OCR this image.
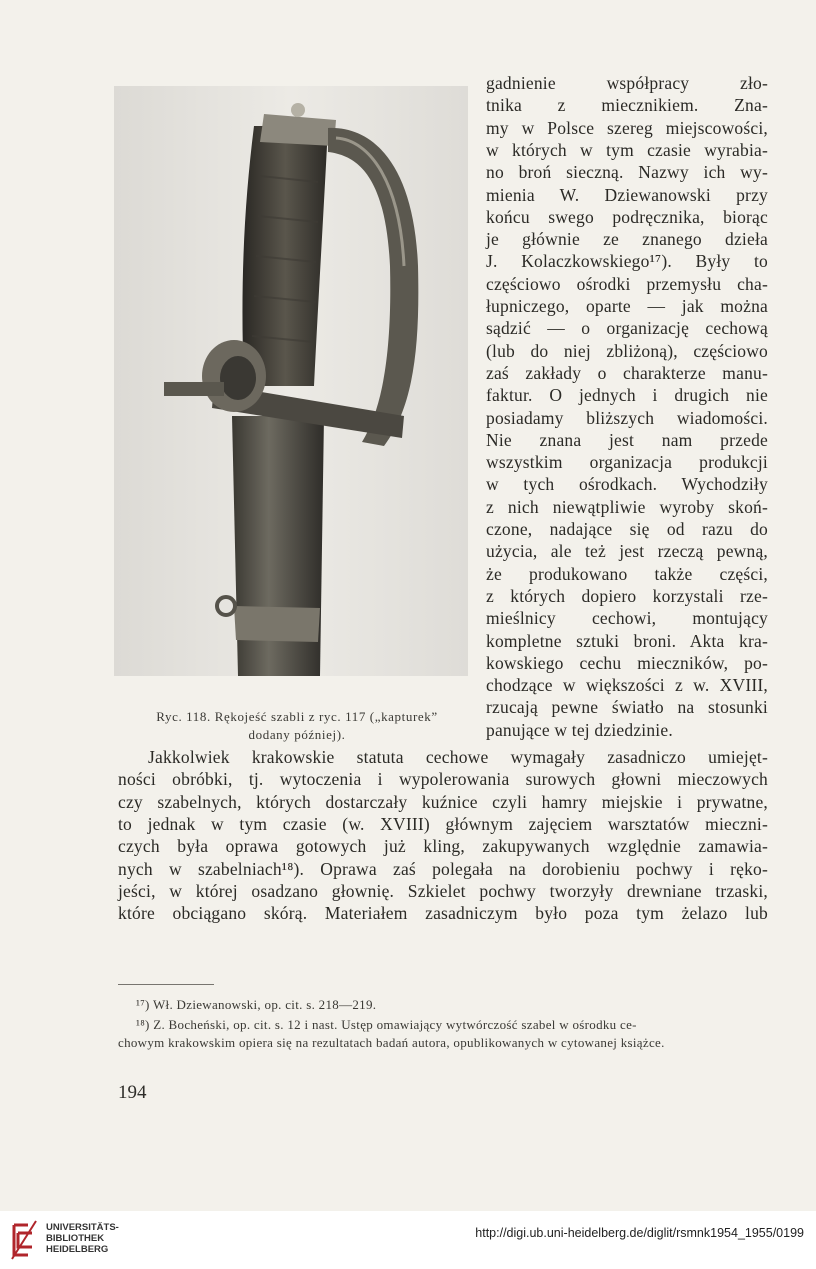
Ryc. 118. Rękojeść szabli z ryc. 117 („kapturek”
dodany później).
gadnienie współpracy zło-
tnika z miecznikiem. Zna-
my w Polsce szereg miejscowości,
w których w tym czasie wyrabia-
no broń sieczną. Nazwy ich wy-
mienia W. Dziewanowski przy
końcu swego podręcznika, biorąc
je głównie ze znanego dzieła
J. Kolaczkowskiego¹⁷). Były to
częściowo ośrodki przemysłu cha-
łupniczego, oparte — jak można
sądzić — o organizację cechową
(lub do niej zbliżoną), częściowo
zaś zakłady o charakterze manu-
faktur. O jednych i drugich nie
posiadamy bliższych wiadomości.
Nie znana jest nam przede
wszystkim organizacja produkcji
w tych ośrodkach. Wychodziły
z nich niewątpliwie wyroby skoń-
czone, nadające się od razu do
użycia, ale też jest rzeczą pewną,
że produkowano także części,
z których dopiero korzystali rze-
mieślnicy cechowi, montujący
kompletne sztuki broni. Akta kra-
kowskiego cechu mieczników, po-
chodzące w większości z w. XVIII,
rzucają pewne światło na stosunki
panujące w tej dziedzinie.
Jakkolwiek krakowskie statuta cechowe wymagały zasadniczo umiejęt-
ności obróbki, tj. wytoczenia i wypolerowania surowych głowni mieczowych
czy szabelnych, których dostarczały kuźnice czyli hamry miejskie i prywatne,
to jednak w tym czasie (w. XVIII) głównym zajęciem warsztatów mieczni-
czych była oprawa gotowych już kling, zakupywanych względnie zamawia-
nych w szabelniach¹⁸). Oprawa zaś polegała na dorobieniu pochwy i ręko-
jeści, w której osadzano głownię. Szkielet pochwy tworzyły drewniane trzaski,
które obciągano skórą. Materiałem zasadniczym było poza tym żelazo lub
¹⁷) Wł. Dziewanowski, op. cit. s. 218—219.
¹⁸) Z. Bocheński, op. cit. s. 12 i nast. Ustęp omawiający wytwórczość szabel w ośrodku ce-
chowym krakowskim opiera się na rezultatach badań autora, opublikowanych w cytowanej książce.
194
UNIVERSITÄTS-
BIBLIOTHEK
HEIDELBERG
http://digi.ub.uni-heidelberg.de/diglit/rsmnk1954_1955/0199
